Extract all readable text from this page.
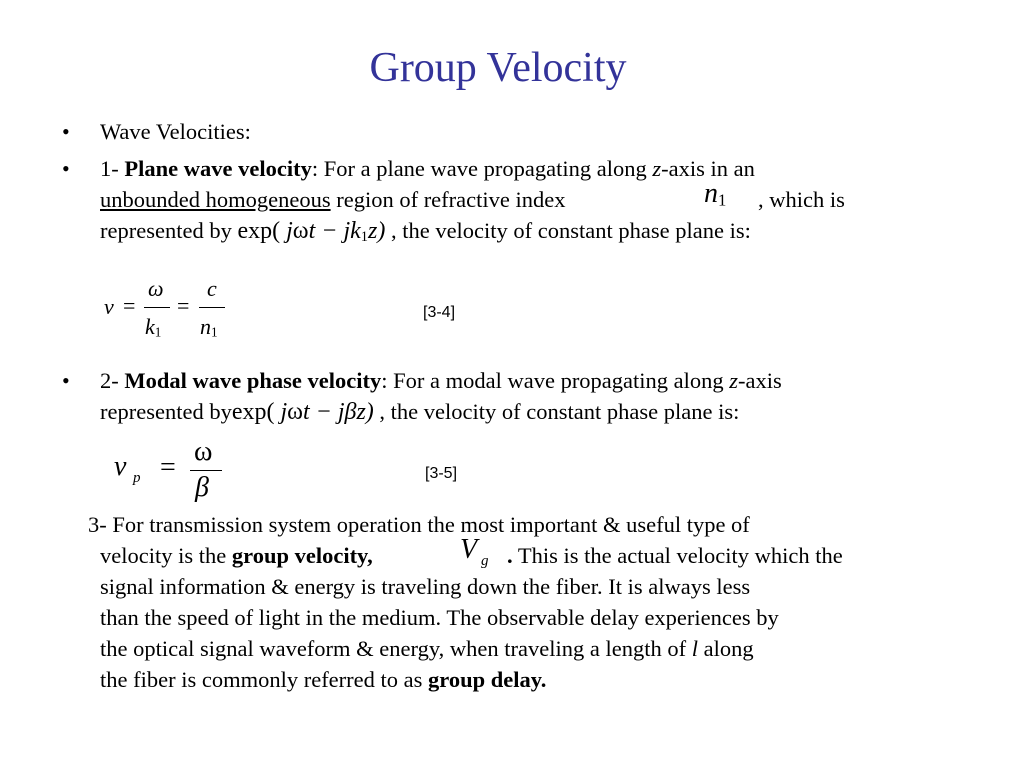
Group Velocity
• Wave Velocities:
• 1- Plane wave velocity: For a plane wave propagating along z-axis in an
unbounded homogeneous region of refractive index	$n_1$ , which is
represented by exp( $j\omega t - jk_1z$) , the velocity of constant phase plane is:
v =
ω
$k_1$
=
c
$n_1$
[3-4]
• 2- Modal wave phase velocity: For a modal wave propagating along z-axis
represented byexp( jωt − jβz) , the velocity of constant phase plane is:
v p =
ω
β	[3-5]
3- For transmission system operation the most important & useful type of
velocity is the group velocity,	V g . This is the actual velocity which the
signal information & energy is traveling down the fiber. It is always less
than the speed of light in the medium. The observable delay experiences by
the optical signal waveform & energy, when traveling a length of l along
the fiber is commonly referred to as group delay.
